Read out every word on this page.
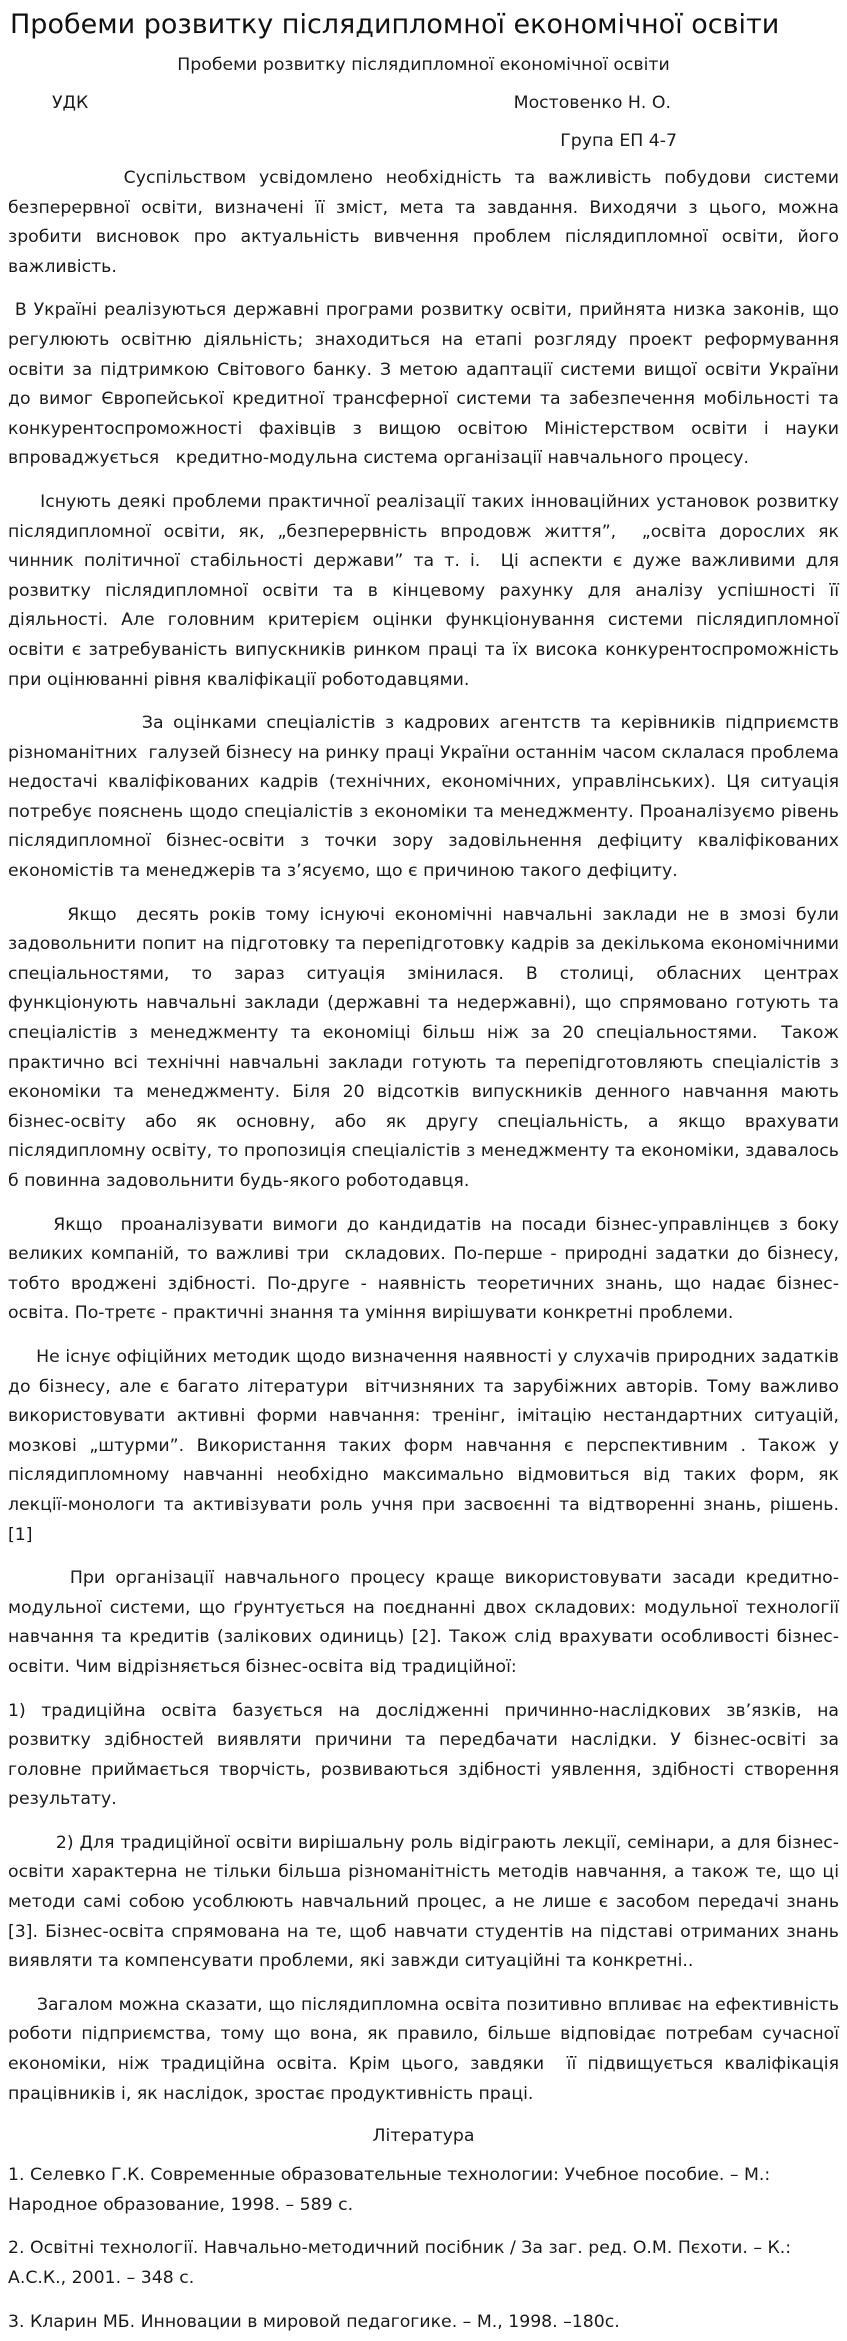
Пробеми розвитку післядипломної економічної освіти
Пробеми розвитку післядипломної економічної освіти
УДК	Мостовенко Н. О.
Група ЕП 4-7

Суспільством усвідомлено необхідність та важливість побудови системи безперервної освіти, визначені її зміст, мета та завдання. Виходячи з цього, можна зробити висновок про актуальність вивчення проблем післядипломної освіти, його важливість.

В Україні реалізуються державні програми розвитку освіти, прийнята низка законів, що регулюють освітню діяльність; знаходиться на етапі розгляду проект реформування освіти за підтримкою Світового банку. З метою адаптації системи вищої освіти України до вимог Європейської кредитної трансферної системи та забезпечення мобільності та конкурентоспроможності фахівців з вищою освітою Міністерством освіти і науки впроваджується   кредитно-модульна система організації навчального процесу.

Існують деякі проблеми практичної реалізації таких інноваційних установок розвитку післядипломної освіти, як, „безперервність впродовж життя”,  „освіта дорослих як чинник політичної стабільності держави” та т. і.  Ці аспекти є дуже важливими для розвитку післядипломної освіти та в кінцевому рахунку для аналізу успішності її діяльності. Але головним критерієм оцінки функціонування системи післядипломної освіти є затребуваність випускників ринком праці та їх висока конкурентоспроможність при оцінюванні рівня кваліфікації роботодавцями.

За оцінками спеціалістів з кадрових агентств та керівників підприємств різноманітних  галузей бізнесу на ринку праці України останнім часом склалася проблема недостачі кваліфікованих кадрів (технічних, економічних, управлінських). Ця ситуація потребує пояснень щодо спеціалістів з економіки та менеджменту. Проаналізуємо рівень післядипломної бізнес-освіти з точки зору задовільнення дефіциту кваліфікованих економістів та менеджерів та з’ясуємо, що є причиною такого дефіциту.

Якщо  десять років тому існуючі економічні навчальні заклади не в змозі були задовольнити попит на підготовку та перепідготовку кадрів за декількома економічними спеціальностями, то зараз ситуація змінилася. В столиці, обласних центрах функціонують навчальні заклади (державні та недержавні), що спрямовано готують та спеціалістів з менеджменту та економіці більш ніж за 20 спеціальностями.  Також практично всі технічні навчальні заклади готують та перепідготовляють спеціалістів з економіки та менеджменту. Біля 20 відсотків випускників денного навчання мають бізнес-освіту або як основну, або як другу спеціальність, а якщо врахувати післядипломну освіту, то пропозиція спеціалістів з менеджменту та економіки, здавалось б повинна задовольнити будь-якого роботодавця.

Якщо  проаналізувати вимоги до кандидатів на посади бізнес-управлінцєв з боку великих компаній, то важливі три  складових. По-перше - природні задатки до бізнесу, тобто вроджені здібності. По-друге - наявність теоретичних знань, що надає бізнес-освіта. По-третє - практичні знання та уміння вирішувати конкретні проблеми.

Не існує офіційних методик щодо визначення наявності у слухачів природних задатків до бізнесу, але є багато літератури  вітчизняних та зарубіжних авторів. Тому важливо використовувати активні форми навчання: тренінг, імітацію нестандартних ситуацій, мозкові „штурми”. Використання таких форм навчання є перспективним . Також у післядипломному навчанні необхідно максимально відмовиться від таких форм, як лекції-монологи та активізувати роль учня при засвоєнні та відтворенні знань, рішень. [1]

При організації навчального процесу краще використовувати засади кредитно-модульної системи, що ґрунтується на поєднанні двох складових: модульної технології навчання та кредитів (залікових одиниць) [2]. Також слід врахувати особливості бізнес-освіти. Чим відрізняється бізнес-освіта від традиційної:

1) традиційна освіта базується на дослідженні причинно-наслідкових зв’язків, на розвитку здібностей виявляти причини та передбачати наслідки. У бізнес-освіті за головне приймається творчість, розвиваються здібності уявлення, здібності створення результату.

2) Для традиційної освіти вирішальну роль відіграють лекції, семінари, а для бізнес-освіти характерна не тільки більша різноманітність методів навчання, а також те, що ці методи самі собою усоблюють навчальний процес, а не лише є засобом передачі знань [3]. Бізнес-освіта спрямована на те, щоб навчати студентів на підставі отриманих знань виявляти та компенсувати проблеми, які завжди ситуаційні та конкретні..

Загалом можна сказати, що післядипломна освіта позитивно впливає на ефективність роботи підприємства, тому що вона, як правило, більше відповідає потребам сучасної економіки, ніж традиційна освіта. Крім цього, завдяки  її підвищується кваліфікація працівників і, як наслідок, зростає продуктивність праці.

Література

1. Селевко Г.К. Современные образовательные технологии: Учебное пособие. – М.: Народное образование, 1998. – 589 с.

2. Освітні технології. Навчально-методичний посібник / За заг. ред. О.М. Пєхоти. – К.: А.С.К., 2001. – 348 с.

3. Кларин МБ. Инновации в мировой педагогике. – М., 1998. –180с.
